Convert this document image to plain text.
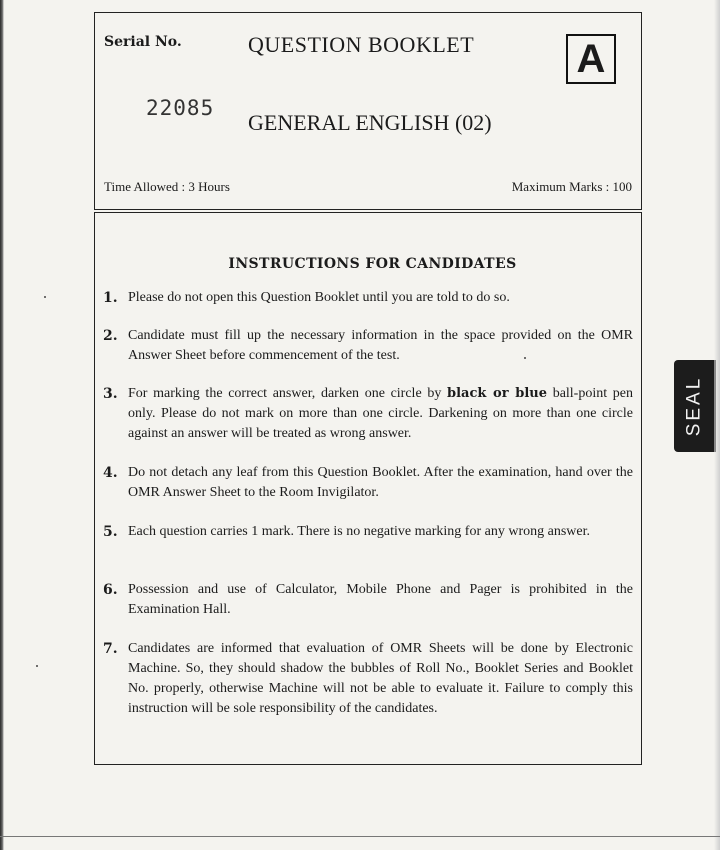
Serial No.
22085
QUESTION BOOKLET	A
GENERAL ENGLISH (02)
Time Allowed : 3 Hours	Maximum Marks : 100
INSTRUCTIONS FOR CANDIDATES
1. Please do not open this Question Booklet until you are told to do so.
2. Candidate must fill up the necessary information in the space provided on the OMR Answer Sheet before commencement of the test.
3. For marking the correct answer, darken one circle by black or blue ball-point pen only. Please do not mark on more than one circle. Darkening on more than one circle against an answer will be treated as wrong answer.
4. Do not detach any leaf from this Question Booklet. After the examination, hand over the OMR Answer Sheet to the Room Invigilator.
5. Each question carries 1 mark. There is no negative marking for any wrong answer.
6. Possession and use of Calculator, Mobile Phone and Pager is prohibited in the Examination Hall.
7. Candidates are informed that evaluation of OMR Sheets will be done by Electronic Machine. So, they should shadow the bubbles of Roll No., Booklet Series and Booklet No. properly, otherwise Machine will not be able to evaluate it. Failure to comply this instruction will be sole responsibility of the candidates.
SEAL
